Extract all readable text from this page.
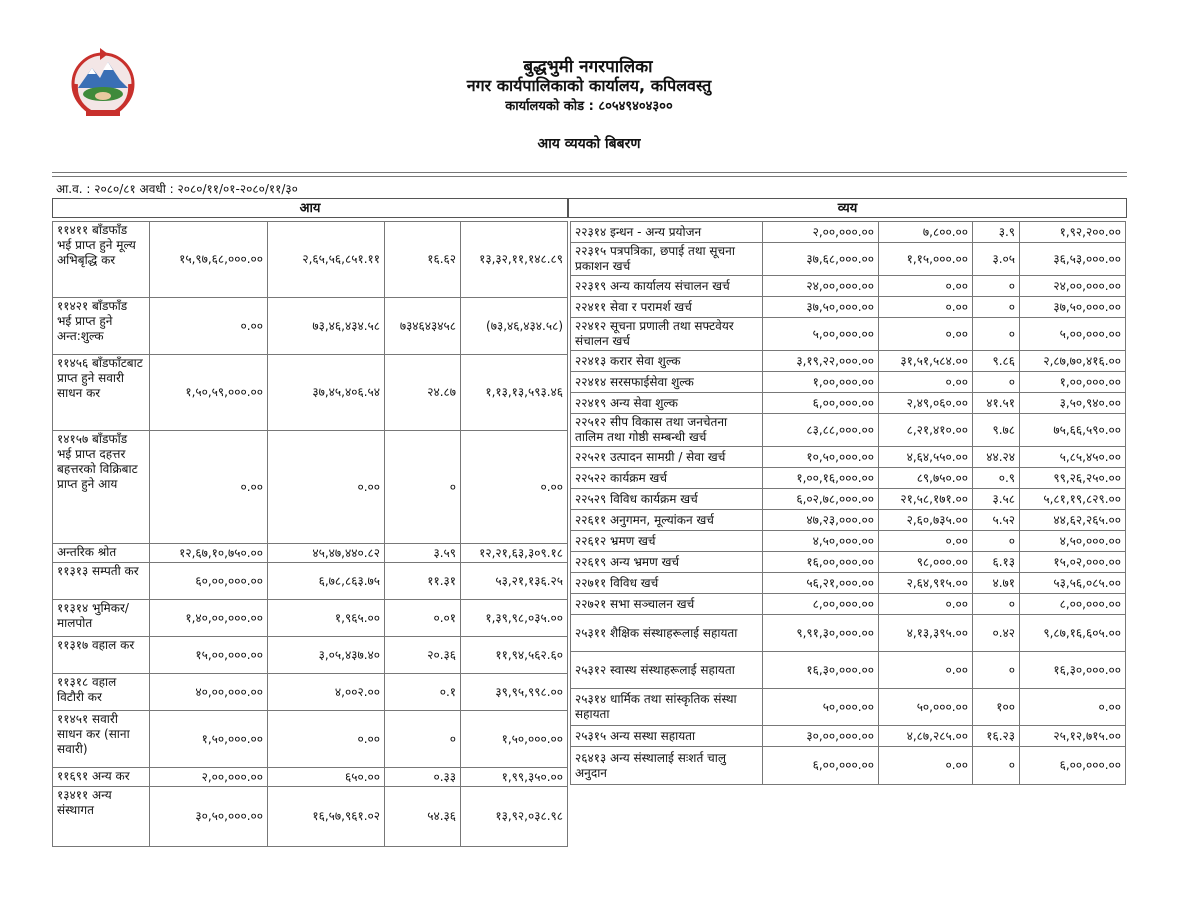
बुद्धभुमी नगरपालिका
नगर कार्यपालिकाको कार्यालय, कपिलवस्तु
कार्यालयको कोड : ८०५४९४०४३००
आय व्ययको बिबरण
आ.व. : २०८०/८१ अवधी : २०८०/११/०१-२०८०/११/३०
आय	व्यय
११४११ बाँडफाँड भई प्राप्त हुने मूल्य अभिबृद्धि कर	१५,९७,६८,०००.००	२,६५,५६,८५१.११	१६.६२	१३,३२,११,१४८.८९
११४२१ बाँडफाँड भ‍ई प्राप्त हुने अन्त:शुल्क	०.००	७३,४६,४३४.५८	७३४६४३४५८	(७३,४६,४३४.५८)
११४५६ बाँडफाँटबाट प्राप्त हुने सवारी साधन कर	१,५०,५९,०००.००	३७,४५,४०६.५४	२४.८७	१,१३,१३,५९३.४६
१४१५७ बाँडफाँड भई प्राप्त दहत्तर बहत्तरको विक्रिबाट प्राप्त हुने आय	०.००	०.००	०	०.००
अन्तरिक श्रोत	१२,६७,१०,७५०.००	४५,४७,४४०.८२	३.५९	१२,२१,६३,३०९.१८
११३१३ सम्पती कर	६०,००,०००.००	६,७८,८६३.७५	११.३१	५३,२१,१३६.२५
११३१४ भुमिकर/ मालपोत	१,४०,००,०००.००	१,९६५.००	०.०१	१,३९,९८,०३५.००
११३१७ वहाल कर	१५,००,०००.००	३,०५,४३७.४०	२०.३६	११,९४,५६२.६०
११३१८ वहाल विटौरी कर	४०,००,०००.००	४,००२.००	०.१	३९,९५,९९८.००
११४५१ सवारी साधन कर (साना सवारी)	१,५०,०००.००	०.००	०	१,५०,०००.००
११६९१ अन्य कर	२,००,०००.००	६५०.००	०.३३	१,९९,३५०.००
१३४११ अन्य संस्थागत	३०,५०,०००.००	१६,५७,९६१.०२	५४.३६	१३,९२,०३८.९८
२२३१४ इन्धन - अन्य प्रयोजन	२,००,०००.००	७,८००.००	३.९	१,९२,२००.००
२२३१५ पत्रपत्रिका, छपाई तथा सूचना प्रकाशन खर्च	३७,६८,०००.००	१,१५,०००.००	३.०५	३६,५३,०००.००
२२३१९ अन्य कार्यालय संचालन खर्च	२४,००,०००.००	०.००	०	२४,००,०००.००
२२४११ सेवा र परामर्श खर्च	३७,५०,०००.००	०.००	०	३७,५०,०००.००
२२४१२ सूचना प्रणाली तथा सफ्टवेयर संचालन खर्च	५,००,०००.००	०.००	०	५,००,०००.००
२२४१३ करार सेवा शुल्क	३,१९,२२,०००.००	३१,५१,५८४.००	९.८६	२,८७,७०,४१६.००
२२४१४ सरसफाईसेवा शुल्क	१,००,०००.००	०.००	०	१,००,०००.००
२२४१९ अन्य सेवा शुल्क	६,००,०००.००	२,४९,०६०.००	४१.५१	३,५०,९४०.००
२२५१२ सीप विकास तथा जनचेतना तालिम तथा गोष्ठी सम्बन्धी खर्च	८३,८८,०००.००	८,२१,४१०.००	९.७८	७५,६६,५९०.००
२२५२१ उत्पादन सामग्री / सेवा खर्च	१०,५०,०००.००	४,६४,५५०.००	४४.२४	५,८५,४५०.००
२२५२२ कार्यक्रम खर्च	१,००,१६,०००.००	८९,७५०.००	०.९	९९,२६,२५०.००
२२५२९ विविध कार्यक्रम खर्च	६,०२,७८,०००.००	२१,५८,१७१.००	३.५८	५,८१,१९,८२९.००
२२६११ अनुगमन, मूल्यांकन खर्च	४७,२३,०००.००	२,६०,७३५.००	५.५२	४४,६२,२६५.००
२२६१२ भ्रमण खर्च	४,५०,०००.००	०.००	०	४,५०,०००.००
२२६१९ अन्य भ्रमण खर्च	१६,००,०००.००	९८,०००.००	६.१३	१५,०२,०००.००
२२७११ विविध खर्च	५६,२१,०००.००	२,६४,९१५.००	४.७१	५३,५६,०८५.००
२२७२१ सभा सञ्चालन खर्च	८,००,०००.००	०.००	०	८,००,०००.००
२५३११ शैक्षिक संस्थाहरूलाई सहायता	९,९१,३०,०००.००	४,१३,३९५.००	०.४२	९,८७,१६,६०५.००
२५३१२ स्वास्थ संस्थाहरूलाई सहायता	१६,३०,०००.००	०.००	०	१६,३०,०००.००
२५३१४ धार्मिक तथा सांस्कृतिक संस्था सहायता	५०,०००.००	५०,०००.००	१००	०.००
२५३१५ अन्य सस्था सहायता	३०,००,०००.००	४,८७,२८५.००	१६.२३	२५,१२,७१५.००
२६४१३ अन्य संस्थालाई सःशर्त चालु अनुदान	६,००,०००.००	०.००	०	६,००,०००.००
